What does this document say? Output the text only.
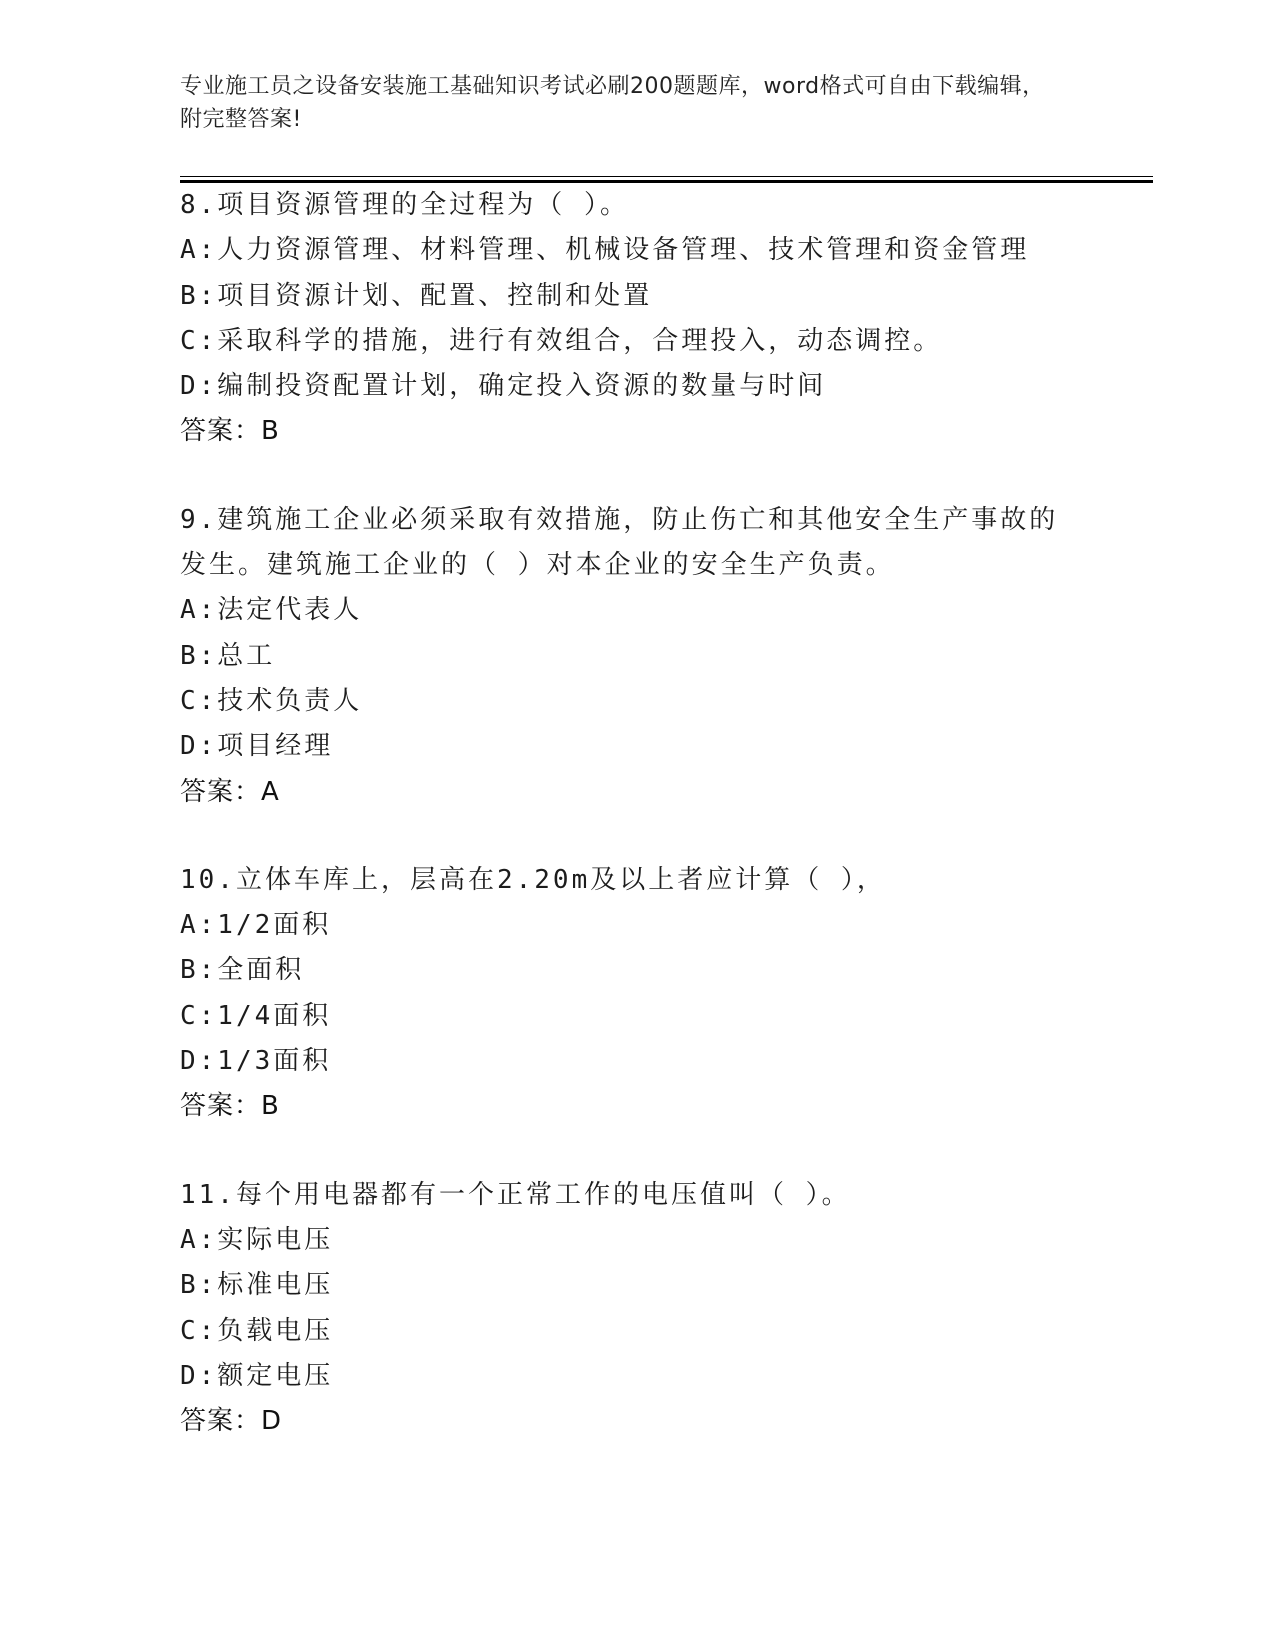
专业施工员之设备安装施工基础知识考试必刷200题题库，word格式可自由下载编辑，附完整答案!
8.项目资源管理的全过程为（ ）。
A:人力资源管理、材料管理、机械设备管理、技术管理和资金管理
B:项目资源计划、配置、控制和处置
C:采取科学的措施，进行有效组合，合理投入，动态调控。
D:编制投资配置计划，确定投入资源的数量与时间
答案：B
9.建筑施工企业必须采取有效措施，防止伤亡和其他安全生产事故的发生。建筑施工企业的（ ）对本企业的安全生产负责。
A:法定代表人
B:总工
C:技术负责人
D:项目经理
答案：A
10.立体车库上，层高在2.20m及以上者应计算（ ），
A:1/2面积
B:全面积
C:1/4面积
D:1/3面积
答案：B
11.每个用电器都有一个正常工作的电压值叫（ ）。
A:实际电压
B:标准电压
C:负载电压
D:额定电压
答案：D
